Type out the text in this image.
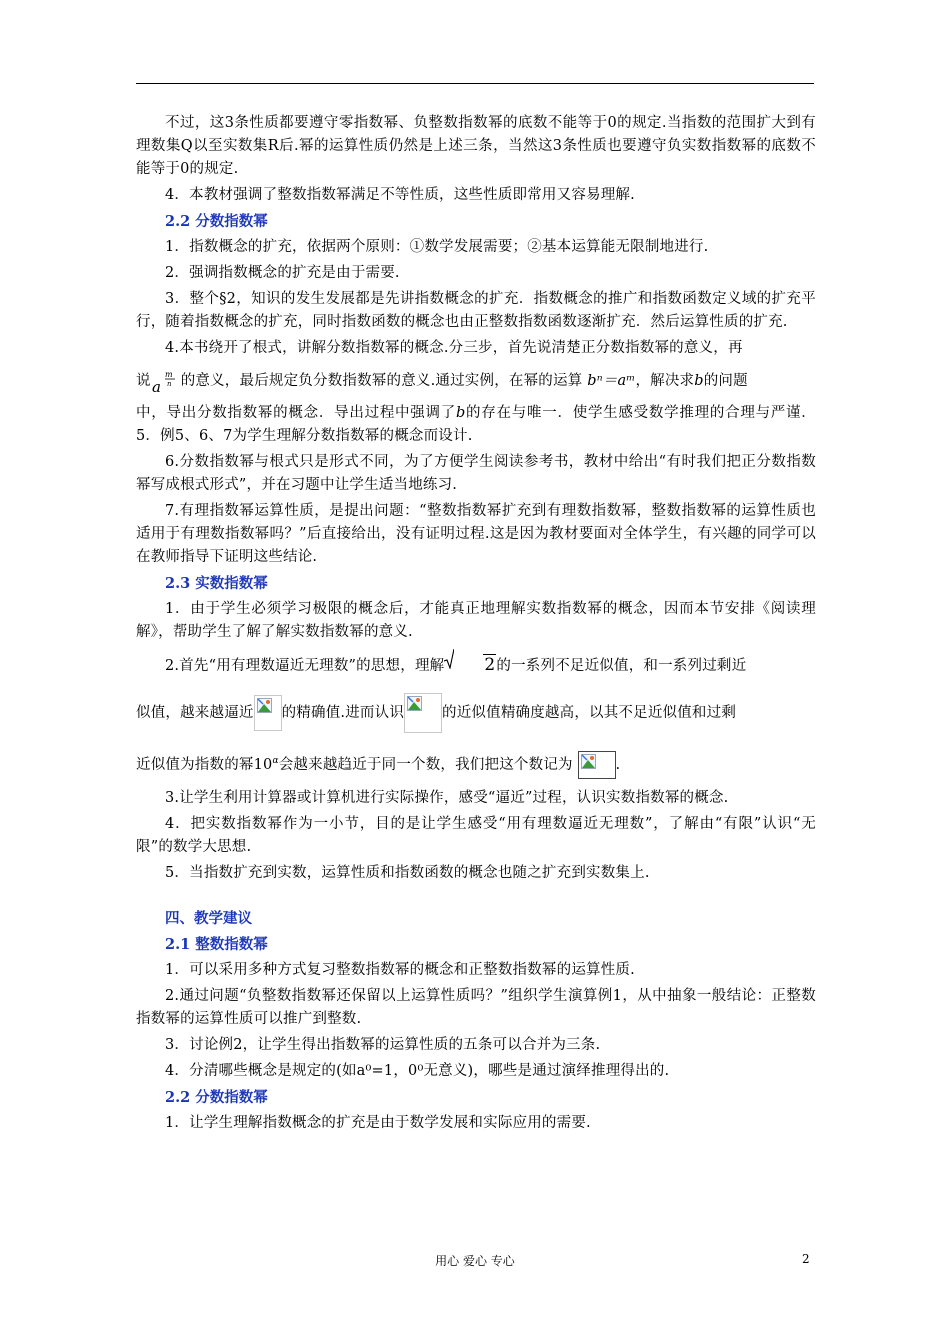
不过，这3条性质都要遵守零指数幂、负整数指数幂的底数不能等于0的规定.当指数的范围扩大到有理数集Q以至实数集R后.幂的运算性质仍然是上述三条，当然这3条性质也要遵守负实数指数幂的底数不能等于0的规定.

4．本教材强调了整数指数幂满足不等性质，这些性质即常用又容易理解.

2.2 分数指数幂

1．指数概念的扩充，依据两个原则：①数学发展需要；②基本运算能无限制地进行.

2．强调指数概念的扩充是由于需要.

3．整个§2，知识的发生发展都是先讲指数概念的扩充．指数概念的推广和指数函数定义域的扩充平行，随着指数概念的扩充，同时指数函数的概念也由正整数指数函数逐渐扩充．然后运算性质的扩充.

4.本书绕开了根式，讲解分数指数幂的概念.分三步，首先说清楚正分数指数幂的意义，再

说 a
m
n 的意义，最后规定负分数指数幂的意义.通过实例，在幂的运算 bⁿ＝aᵐ，解决求b的问题

中，导出分数指数幂的概念．导出过程中强调了b的存在与唯一．使学生感受数学推理的合理与严谨．5．例5、6、7为学生理解分数指数幂的概念而设计.

6.分数指数幂与根式只是形式不同，为了方便学生阅读参考书，教材中给出“有时我们把正分数指数幂写成根式形式”，并在习题中让学生适当地练习.

7.有理指数幂运算性质，是提出问题：“整数指数幂扩充到有理数指数幂，整数指数幂的运算性质也适用于有理数指数幂吗？”后直接给出，没有证明过程.这是因为教材要面对全体学生，有兴趣的同学可以在教师指导下证明这些结论.

2.3 实数指数幂

1．由于学生必须学习极限的概念后，才能真正地理解实数指数幂的概念，因而本节安排《阅读理解》，帮助学生了解了解实数指数幂的意义.

2.首先“用有理数逼近无理数”的思想，理解 2的一系列不足近似值，和一系列过剩近

似值，越来越逼近 的精确值.进而认识	的近似值精确度越高，以其不足近似值和过剩

近似值为指数的幂$10^\alpha$会越来越趋近于同一个数，我们把这个数记为	.

3.让学生利用计算器或计算机进行实际操作，感受“逼近”过程，认识实数指数幂的概念.

4．把实数指数幂作为一小节，目的是让学生感受“用有理数逼近无理数”，了解由“有限”认识“无限”的数学大思想.

5．当指数扩充到实数，运算性质和指数函数的概念也随之扩充到实数集上.

四、教学建议
2.1 整数指数幂

1．可以采用多种方式复习整数指数幂的概念和正整数指数幂的运算性质.

2.通过问题“负整数指数幂还保留以上运算性质吗？”组织学生演算例1，从中抽象一般结论：正整数指数幂的运算性质可以推广到整数.

3．讨论例2，让学生得出指数幂的运算性质的五条可以合并为三条.

4．分清哪些概念是规定的(如a⁰=1，0⁰无意义)，哪些是通过演绎推理得出的.

2.2 分数指数幂

1．让学生理解指数概念的扩充是由于数学发展和实际应用的需要.

用心 爱心 专心	2
